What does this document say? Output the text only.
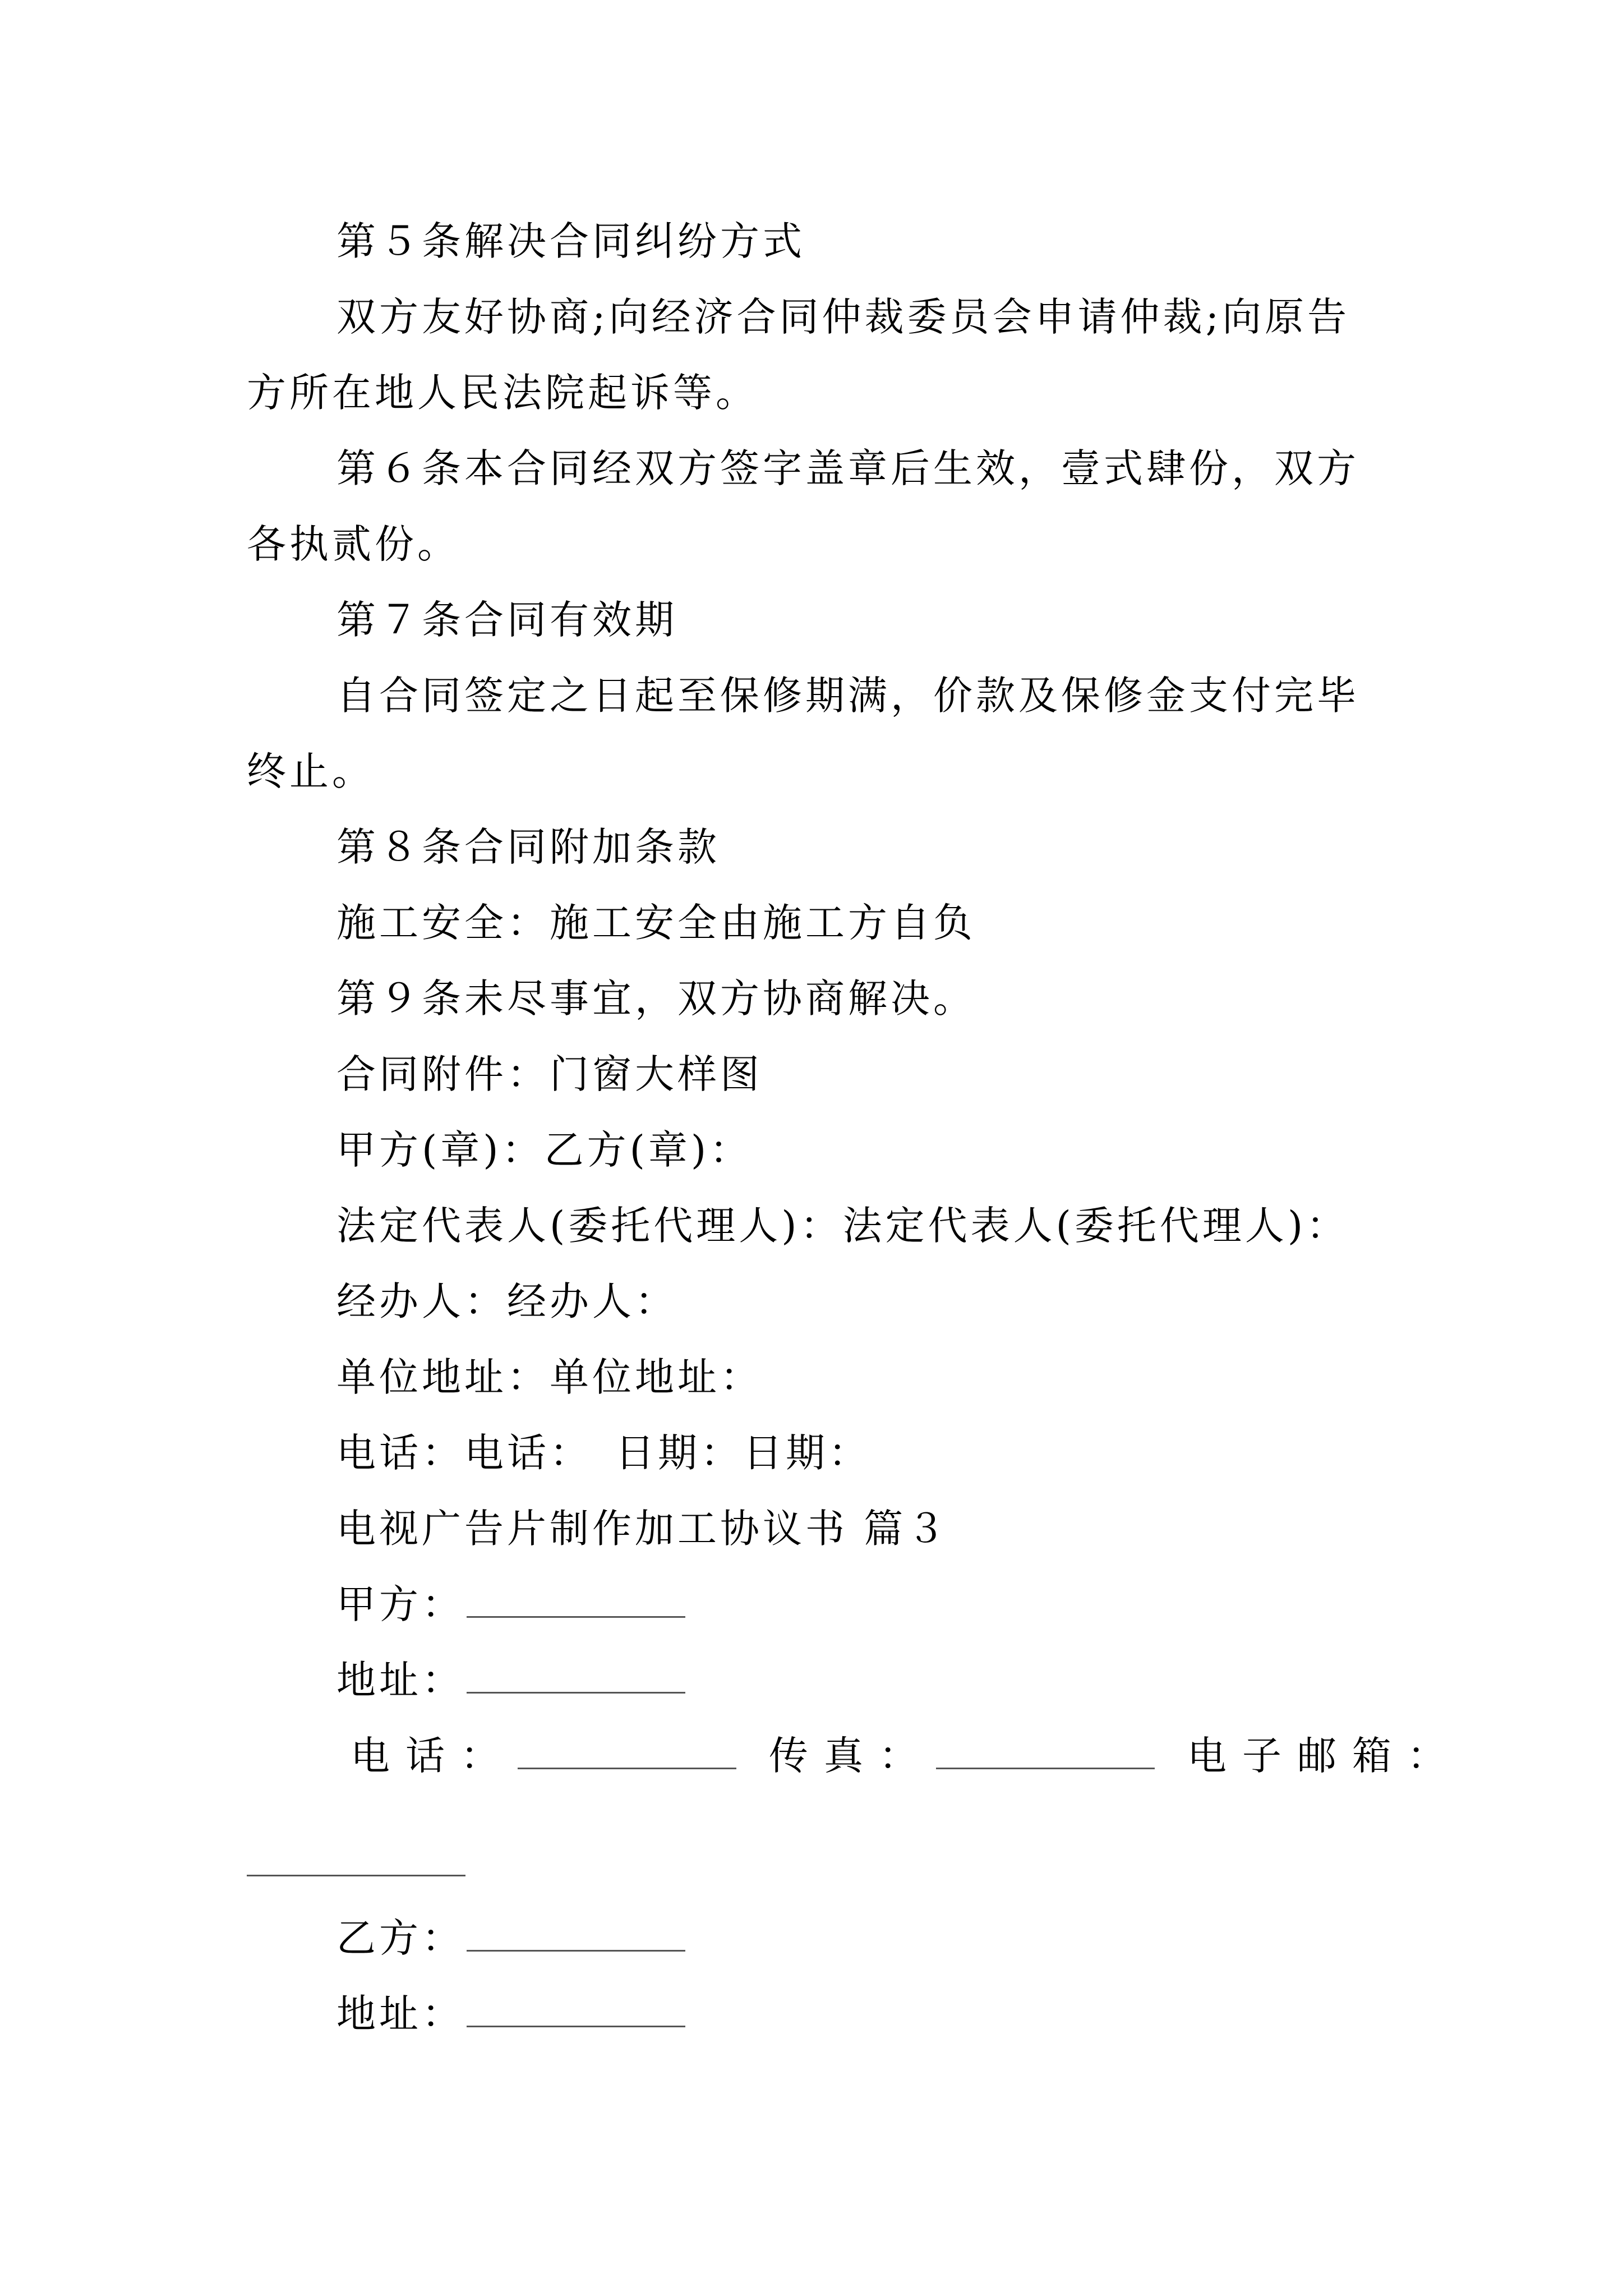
第５条解决合同纠纷方式
双方友好协商;向经济合同仲裁委员会申请仲裁;向原告
方所在地人民法院起诉等。
第６条本合同经双方签字盖章后生效，壹式肆份，双方
各执贰份。
第７条合同有效期
自合同签定之日起至保修期满，价款及保修金支付完毕
终止。
第８条合同附加条款
施工安全：施工安全由施工方自负
第９条未尽事宜，双方协商解决。
合同附件：门窗大样图
甲方(章)：乙方(章)：
法定代表人(委托代理人)：法定代表人(委托代理人)：
经办人：经办人：
单位地址：单位地址：
电话：电话：　日期：日期：
电视广告片制作加工协议书 篇３
甲方：
地址：
电话：	传真：	电子邮箱：
乙方：
地址：
